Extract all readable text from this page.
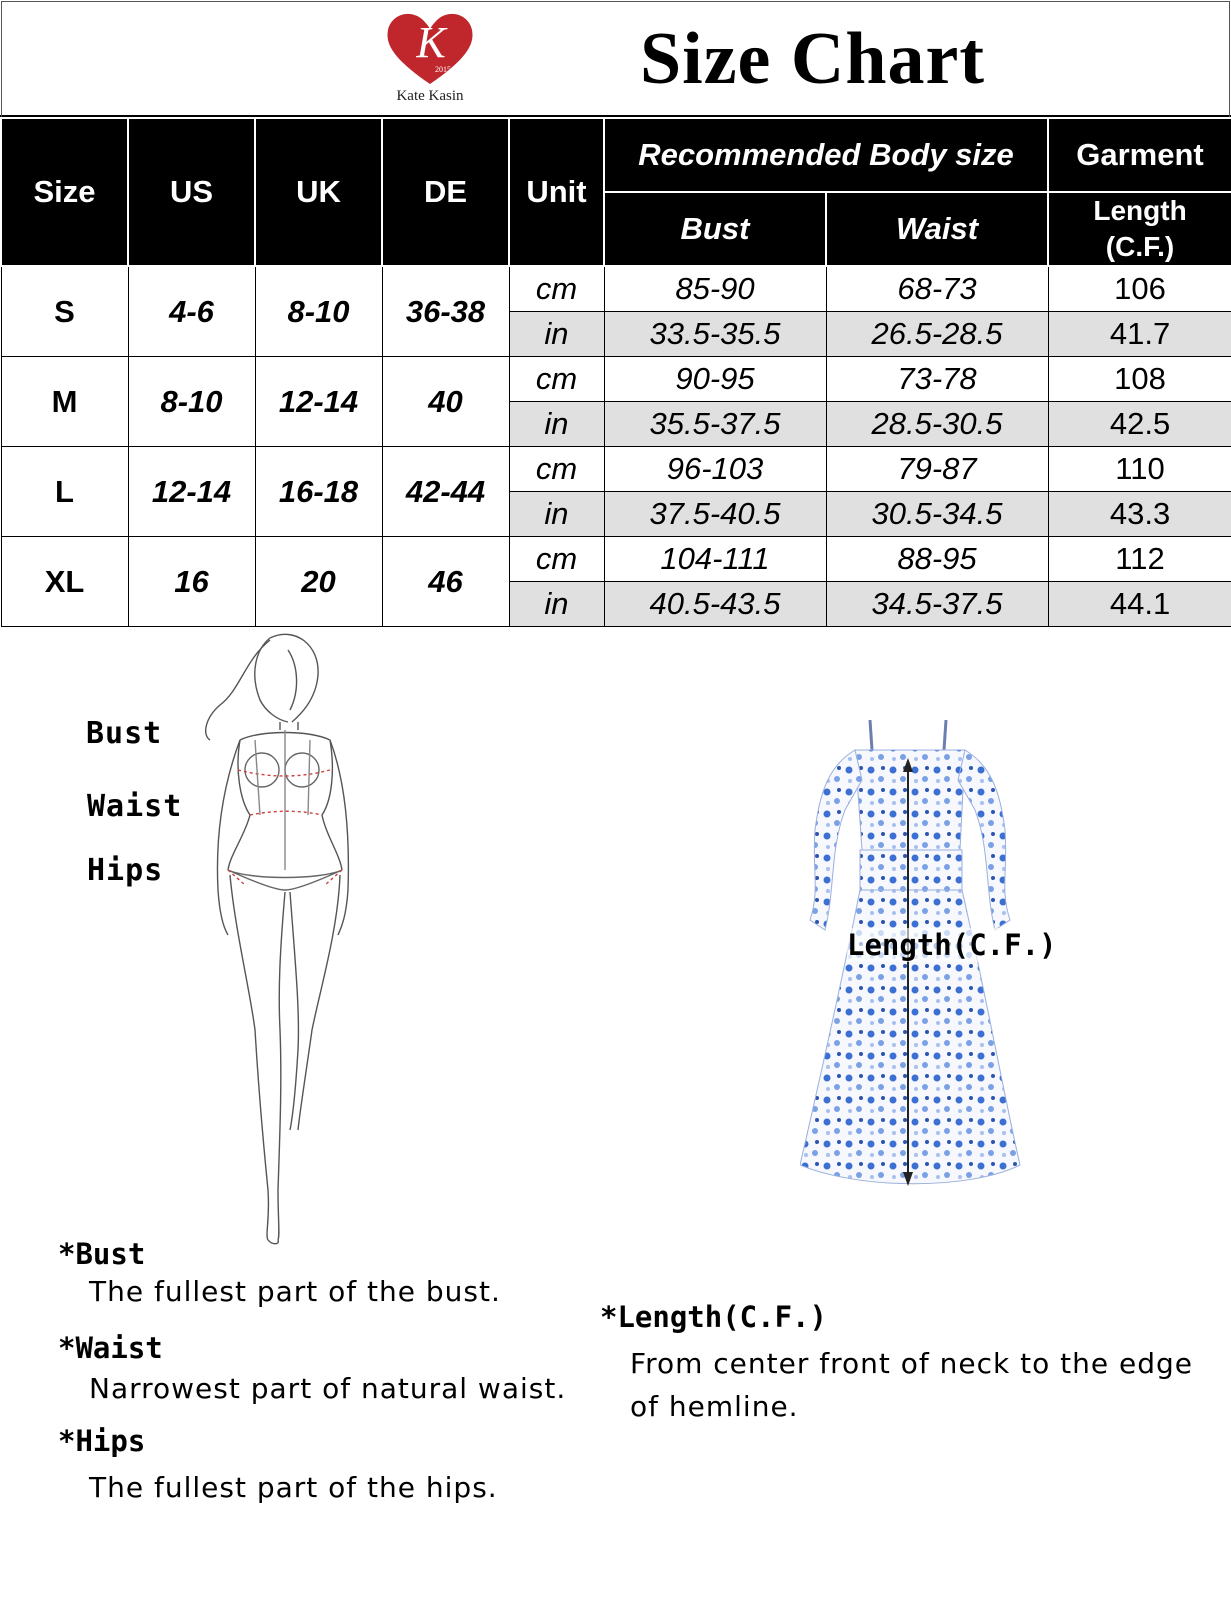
K
2015
Kate Kasin Size Chart
Size	US	UK	DE	Unit	Recommended Body size		Garment
					Bust	Waist	Length
(C.F.)

S	4-6	8-10	36-38	cm	85-90	68-73	106
				in	33.5-35.5	26.5-28.5	41.7
M	8-10	12-14	40	cm	90-95	73-78	108
				in	35.5-37.5	28.5-30.5	42.5
L	12-14	16-18	42-44	cm	96-103	79-87	110
				in	37.5-40.5	30.5-34.5	43.3
XL	16	20	46	cm	104-111	88-95	112
				in	40.5-43.5	34.5-37.5	44.1
Bust
Waist
Hips
Length(C.F.)
*Bust
The fullest part of the bust.
*Waist
Narrowest part of natural waist.
*Hips
The fullest part of the hips.
*Length(C.F.)
From center front of neck to the edge
of hemline.
